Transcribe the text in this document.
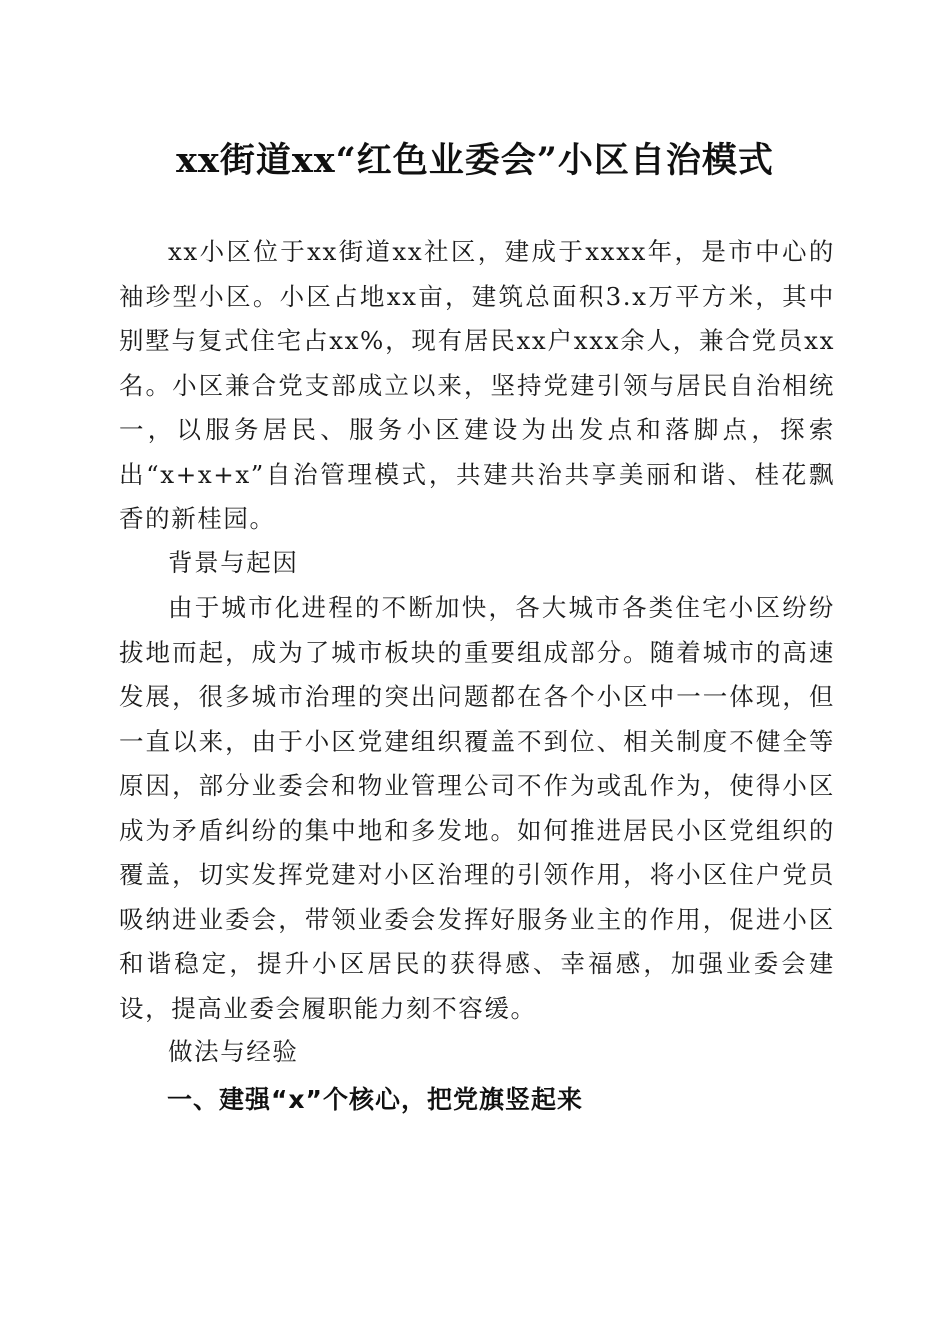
xx街道xx“红色业委会”小区自治模式

xx小区位于xx街道xx社区，建成于xxxx年，是市中心的袖珍型小区。小区占地xx亩，建筑总面积3.x万平方米，其中别墅与复式住宅占xx%，现有居民xx户xxx余人，兼合党员xx名。小区兼合党支部成立以来，坚持党建引领与居民自治相统一，以服务居民、服务小区建设为出发点和落脚点，探索出“x+x+x”自治管理模式，共建共治共享美丽和谐、桂花飘香的新桂园。

背景与起因

由于城市化进程的不断加快，各大城市各类住宅小区纷纷拔地而起，成为了城市板块的重要组成部分。随着城市的高速发展，很多城市治理的突出问题都在各个小区中一一体现，但一直以来，由于小区党建组织覆盖不到位、相关制度不健全等原因，部分业委会和物业管理公司不作为或乱作为，使得小区成为矛盾纠纷的集中地和多发地。如何推进居民小区党组织的覆盖，切实发挥党建对小区治理的引领作用，将小区住户党员吸纳进业委会，带领业委会发挥好服务业主的作用，促进小区和谐稳定，提升小区居民的获得感、幸福感，加强业委会建设，提高业委会履职能力刻不容缓。

做法与经验

一、建强“x”个核心，把党旗竖起来
